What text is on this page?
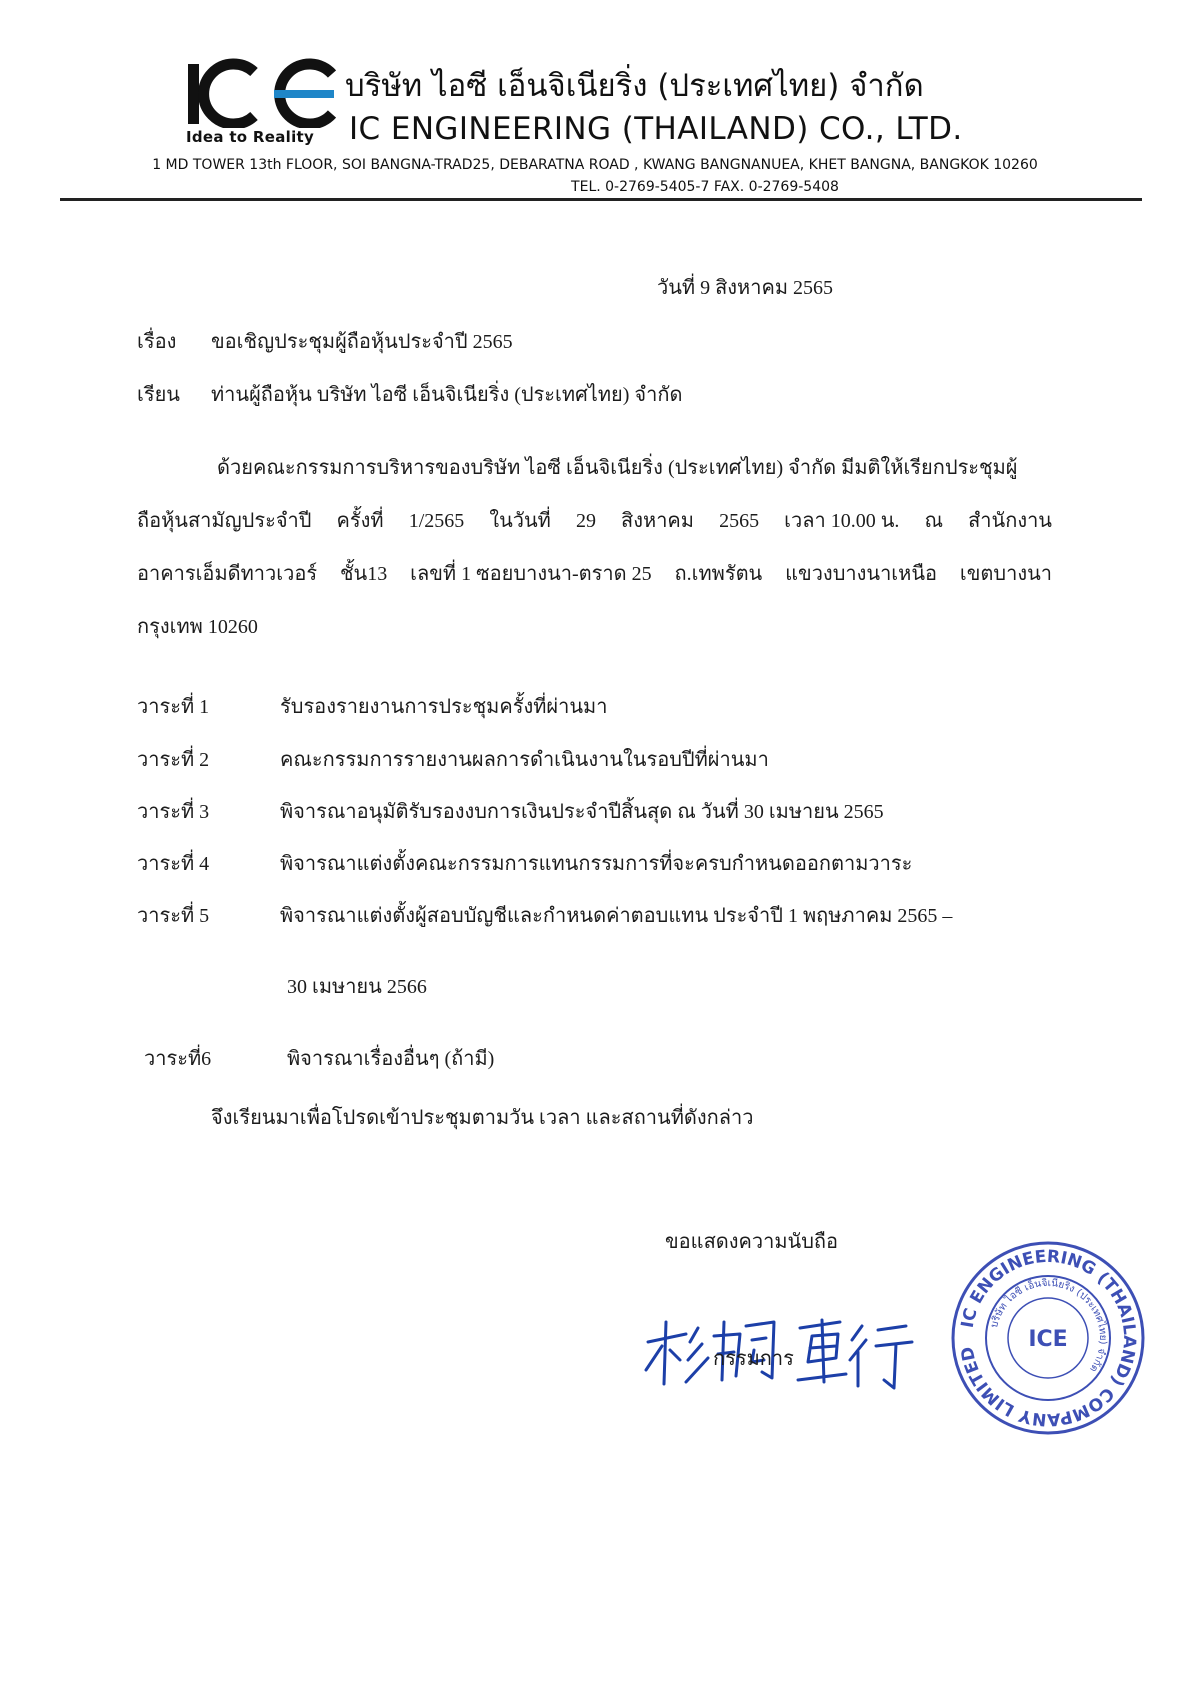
Idea to Reality
บริษัท ไอซี เอ็นจิเนียริ่ง (ประเทศไทย) จำกัด
IC ENGINEERING (THAILAND) CO., LTD.
1 MD TOWER 13th FLOOR, SOI BANGNA-TRAD25, DEBARATNA ROAD , KWANG BANGNANUEA, KHET BANGNA, BANGKOK 10260
TEL. 0-2769-5405-7 FAX. 0-2769-5408
วันที่ 9 สิงหาคม 2565
เรื่อง ขอเชิญประชุมผู้ถือหุ้นประจำปี 2565
เรียน ท่านผู้ถือหุ้น บริษัท ไอซี เอ็นจิเนียริ่ง (ประเทศไทย) จำกัด
ด้วยคณะกรรมการบริหารของบริษัท ไอซี เอ็นจิเนียริ่ง (ประเทศไทย) จำกัด มีมติให้เรียกประชุมผู้
ถือหุ้นสามัญประจำปี ครั้งที่ 1/2565 ในวันที่ 29 สิงหาคม 2565 เวลา 10.00 น. ณ สำนักงาน
อาคารเอ็มดีทาวเวอร์ ชั้น13 เลขที่ 1 ซอยบางนา-ตราด 25 ถ.เทพรัตน แขวงบางนาเหนือ เขตบางนา
กรุงเทพ 10260
วาระที่ 1	รับรองรายงานการประชุมครั้งที่ผ่านมา
วาระที่ 2	คณะกรรมการรายงานผลการดำเนินงานในรอบปีที่ผ่านมา
วาระที่ 3	พิจารณาอนุมัติรับรองงบการเงินประจำปีสิ้นสุด ณ วันที่ 30 เมษายน 2565
วาระที่ 4	พิจารณาแต่งตั้งคณะกรรมการแทนกรรมการที่จะครบกำหนดออกตามวาระ
วาระที่ 5	พิจารณาแต่งตั้งผู้สอบบัญชีและกำหนดค่าตอบแทน ประจำปี 1 พฤษภาคม 2565 –
30 เมษายน 2566
วาระที่6	พิจารณาเรื่องอื่นๆ (ถ้ามี)
จึงเรียนมาเพื่อโปรดเข้าประชุมตามวัน เวลา และสถานที่ดังกล่าว
ขอแสดงความนับถือ
กรรมการ
IC ENGINEERING (THAILAND) COMPANY LIMITED
บริษัท ไอซี เอ็นจิเนียริ่ง (ประเทศไทย) จำกัด
ICE
